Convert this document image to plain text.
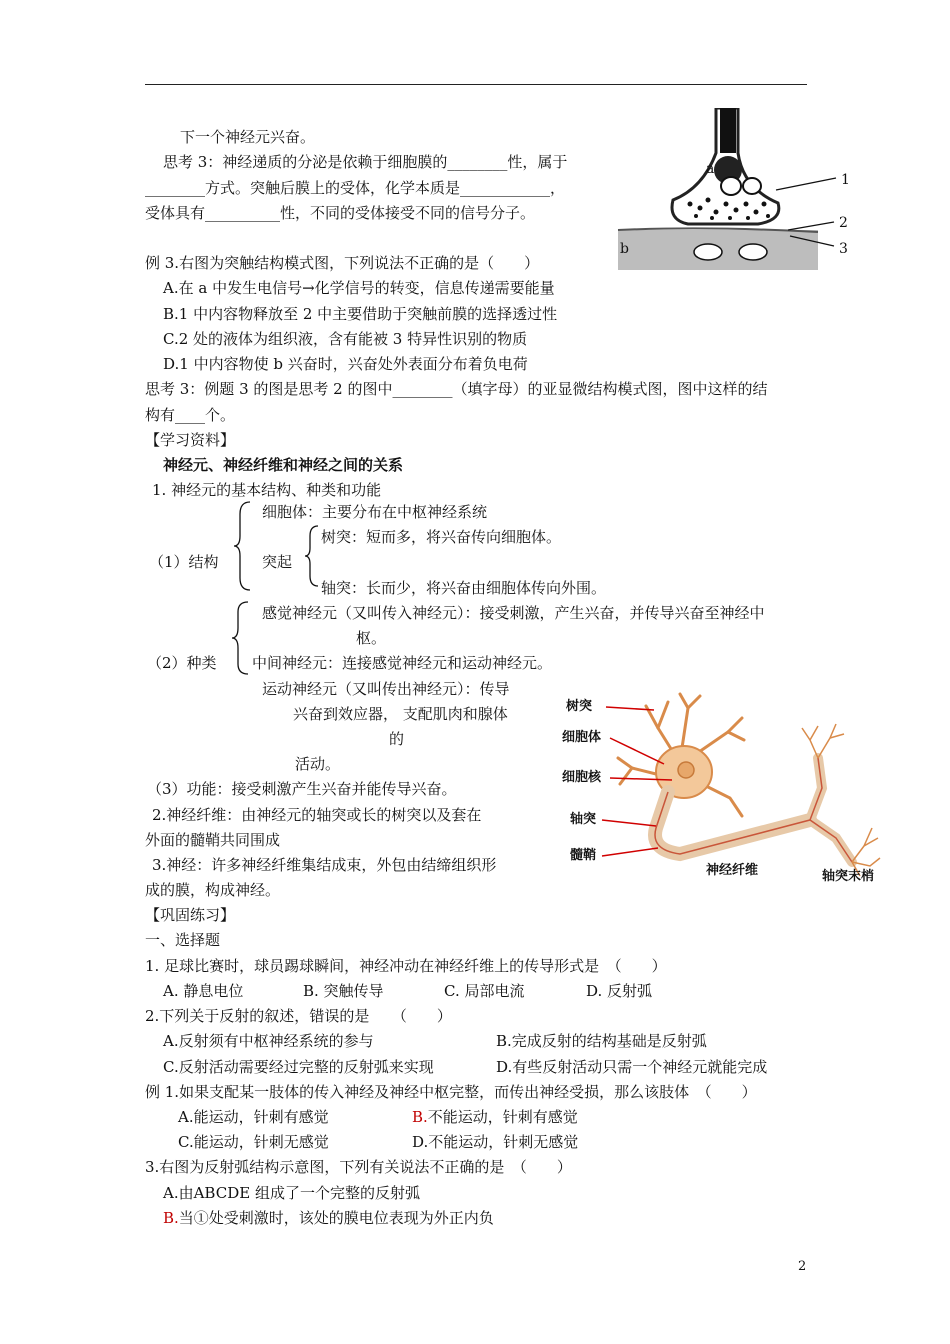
下一个神经元兴奋。
思考 3：神经递质的分泌是依赖于细胞膜的________性，属于
________方式。突触后膜上的受体，化学本质是____________，
受体具有__________性，不同的受体接受不同的信号分子。
a
b
1
2
3
例 3.右图为突触结构模式图，下列说法不正确的是（　　）
A.在 a 中发生电信号→化学信号的转变，信息传递需要能量
B.1 中内容物释放至 2 中主要借助于突触前膜的选择透过性
C.2 处的液体为组织液，含有能被 3 特异性识别的物质
D.1 中内容物使 b 兴奋时，兴奋处外表面分布着负电荷
思考 3：例题 3 的图是思考 2 的图中________（填字母）的亚显微结构模式图，图中这样的结
构有____个。
【学习资料】
神经元、神经纤维和神经之间的关系
1. 神经元的基本结构、种类和功能
细胞体：主要分布在中枢神经系统
树突：短而多，将兴奋传向细胞体。
（1）结构	突起
轴突：长而少，将兴奋由细胞体传向外围。
感觉神经元（又叫传入神经元）：接受刺激，产生兴奋，并传导兴奋至神经中
枢。
（2）种类 中间神经元：连接感觉神经元和运动神经元。
运动神经元（又叫传出神经元）：传导
兴奋到效应器， 支配肌肉和腺体
的
活动。
（3）功能：接受刺激产生兴奋并能传导兴奋。
2.神经纤维：由神经元的轴突或长的树突以及套在
外面的髓鞘共同围成
3.神经：许多神经纤维集结成束，外包由结缔组织形
成的膜，构成神经。
树突
细胞体
细胞核
轴突
髓鞘
神经纤维	轴突末梢
【巩固练习】
一、选择题
1. 足球比赛时，球员踢球瞬间，神经冲动在神经纤维上的传导形式是　（　　）
A. 静息电位	B. 突触传导	C. 局部电流	D. 反射弧
2.下列关于反射的叙述，错误的是　　（　　）
A.反射须有中枢神经系统的参与	B.完成反射的结构基础是反射弧
C.反射活动需要经过完整的反射弧来实现	D.有些反射活动只需一个神经元就能完成
例 1.如果支配某一肢体的传入神经及神经中枢完整，而传出神经受损，那么该肢体　（　　）
A.能运动，针刺有感觉	B.不能运动，针刺有感觉
C.能运动，针刺无感觉	D.不能运动，针刺无感觉
3.右图为反射弧结构示意图，下列有关说法不正确的是　（　　）
A.由ABCDE 组成了一个完整的反射弧
B.当①处受刺激时，该处的膜电位表现为外正内负
2
